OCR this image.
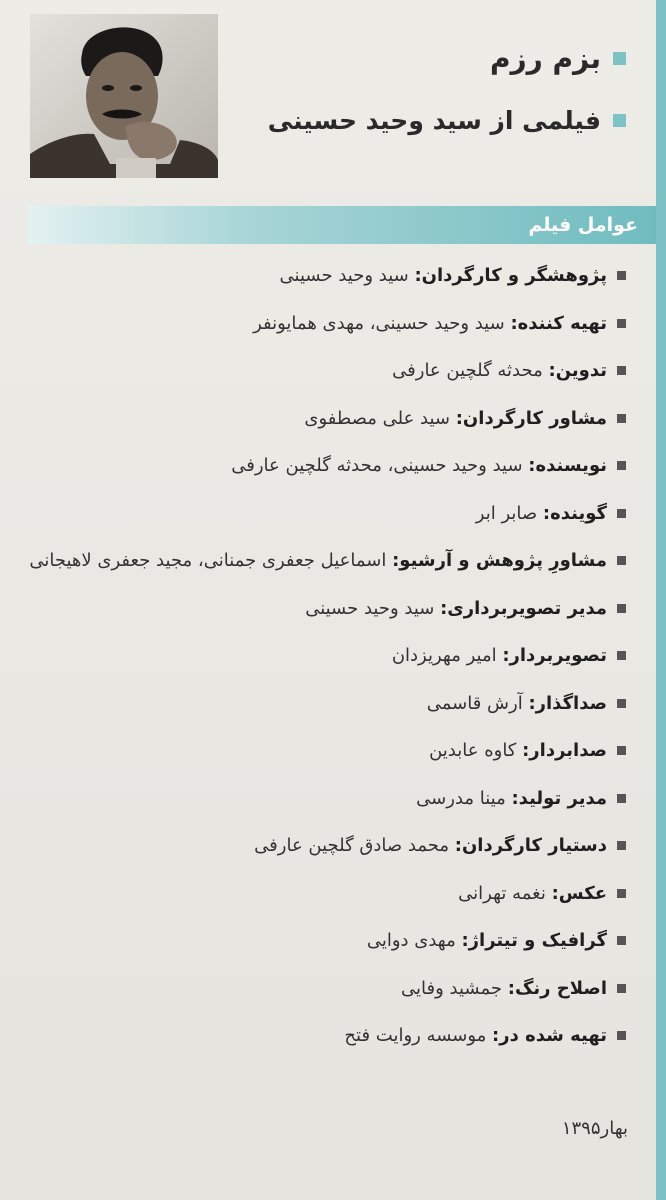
بزم رزم
فیلمی از سید وحید حسینی
عوامل فیلم
پژوهشگر و کارگردان: سید وحید حسینی
تهیه کننده: سید وحید حسینی، مهدی همایونفر
تدوین: محدثه گلچین عارفی
مشاور کارگردان: سید علی مصطفوی
نویسنده: سید وحید حسینی، محدثه گلچین عارفی
گوینده: صابر ابر
مشاورِ پژوهش و آرشیو: اسماعیل جعفری جمنانی، مجید جعفری لاهیجانی
مدیر تصویربرداری: سید وحید حسینی
تصویربردار: امیر مهریزدان
صداگذار: آرش قاسمی
صدابردار: کاوه عابدین
مدیر تولید: مینا مدرسی
دستیار کارگردان: محمد صادق گلچین عارفی
عکس: نغمه تهرانی
گرافیک و تیتراژ: مهدی دوایی
اصلاح رنگ: جمشید وفایی
تهیه شده در: موسسه روایت فتح
بهار۱۳۹۵
